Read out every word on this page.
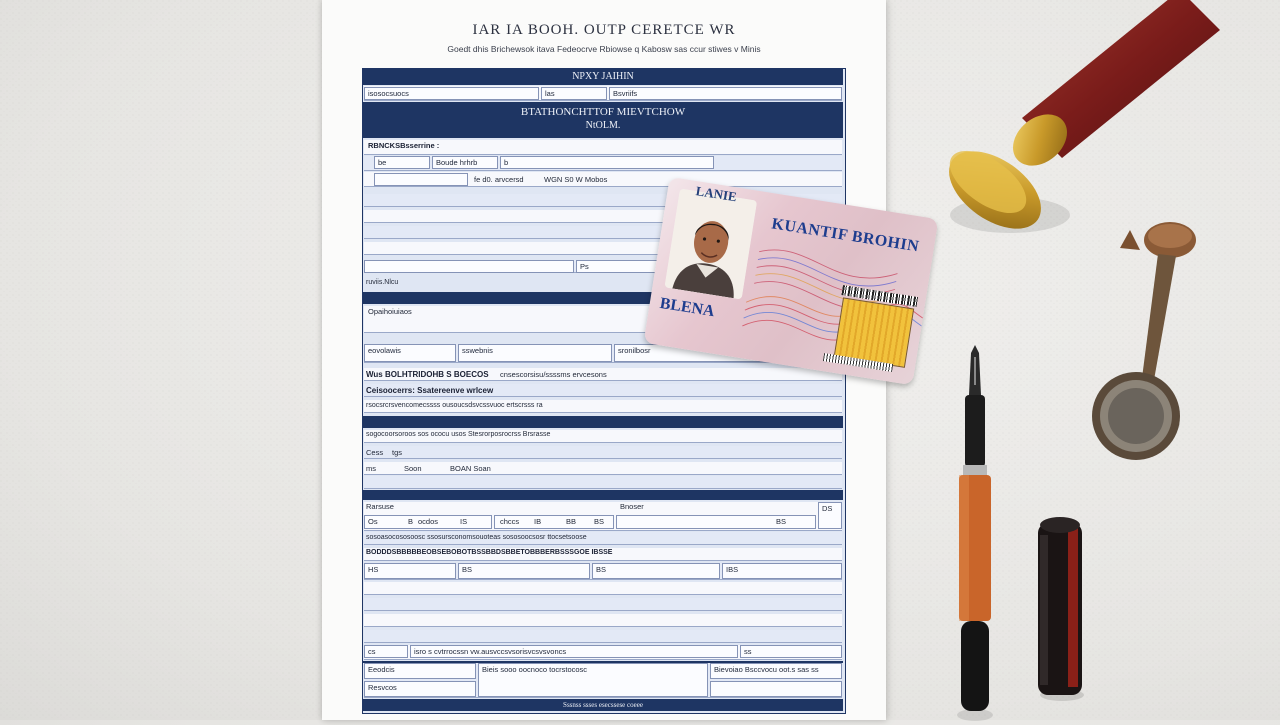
IAR IA BOOH. OUTP CERETCE WR
Goedt dhis Brichewsok itava Fedeocrve Rbiowse q Kabosw sas ccur stiwes v Minis
NPXY JAIHIN
isosocsuocs	las	Bsvriifs
BTATHONCHTTOF MIEVTCHOW
NtOLM.
RBNCKSBsserrine :
be	Boude hrhrb	b
fe d0. arvcersd	WGN S0 W Mobos
Ps
ruviis.Nlcu
Opaihoiuiaos
eovolawis	sswebnis	sronilbosr
Wus BOLHTRIDOHB S BOECOS cnsescorsisu/ssssms ervcesons
Ceisoocerrs: Ssatereenve wrlcew
rsocsrcrsvencomecssss ousoucsdsvcssvuoc ertscrsss ra
sogocoorsoroos sos ococu usos Stesrorposrocrss Brsrasse
Cess tgs
ms	Soon	BOAN Soan
Rarsuse	Bnoser
Os	B ocdos	IS	chccs IB	BB BS	BS
DS
sosoasocososoosc ssosursconomsouoteas sososoocsosr ttocsetsoose
BODDDSBBBBBEOBSEBOBOTBSSBBDSBBETOBBBERBSSSGOE IBSSE
HS	BS	BS	IBS
cs	isro s cvtrrocssn vw.ausvccsvsorisvcsvsvoncs	ss
Eeodcis	Bieis sooo oocnoco tocrstocosc	Bievoiao Bsccvocu oot.s sas ss
Resvcos
Sssnss ssses esecssese coeee
LANIE
KUANTIF BROHIN
BLENA
